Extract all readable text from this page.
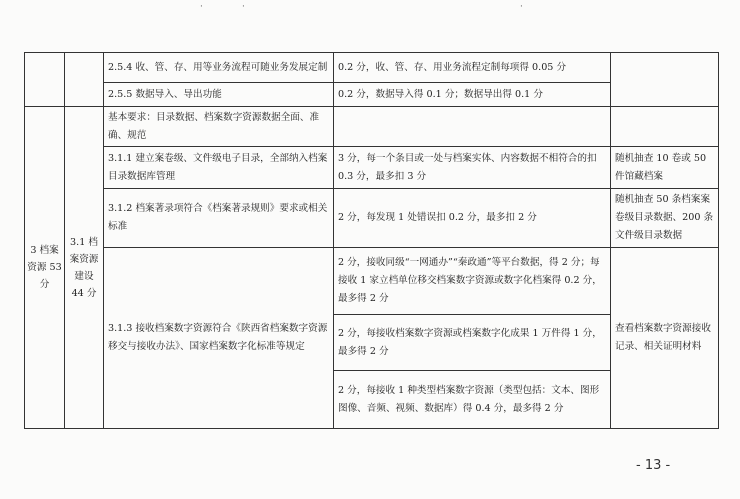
·	·	·
		2.5.4 收、管、存、用等业务流程可随业务发展定制	0.2 分，收、管、存、用业务流程定制每项得 0.05 分	
		2.5.5 数据导入、导出功能	0.2 分，数据导入得 0.1 分；数据导出得 0.1 分	
3 档案资源 53 分	3.1 档案资源建设 44 分	基本要求：目录数据、档案数字资源数据全面、准确、规范		
		3.1.1 建立案卷级、文件级电子目录，全部纳入档案目录数据库管理	3 分，每一个条目或一处与档案实体、内容数据不相符合的扣 0.3 分，最多扣 3 分	随机抽查 10 卷或 50 件馆藏档案
		3.1.2 档案著录项符合《档案著录规则》要求或相关标准	2 分，每发现 1 处错误扣 0.2 分，最多扣 2 分	随机抽查 50 条档案案卷级目录数据、200 条文件级目录数据
		3.1.3 接收档案数字资源符合《陕西省档案数字资源移交与接收办法》、国家档案数字化标准等规定	2 分，接收同级“一网通办”“秦政通”等平台数据，得 2 分；每接收 1 家立档单位移交档案数字资源或数字化档案得 0.2 分，最多得 2 分	查看档案数字资源接收记录、相关证明材料
			2 分，每接收档案数字资源或档案数字化成果 1 万件得 1 分，最多得 2 分	
			2 分，每接收 1 种类型档案数字资源（类型包括：文本、图形图像、音频、视频、数据库）得 0.4 分，最多得 2 分	
- 13 -
